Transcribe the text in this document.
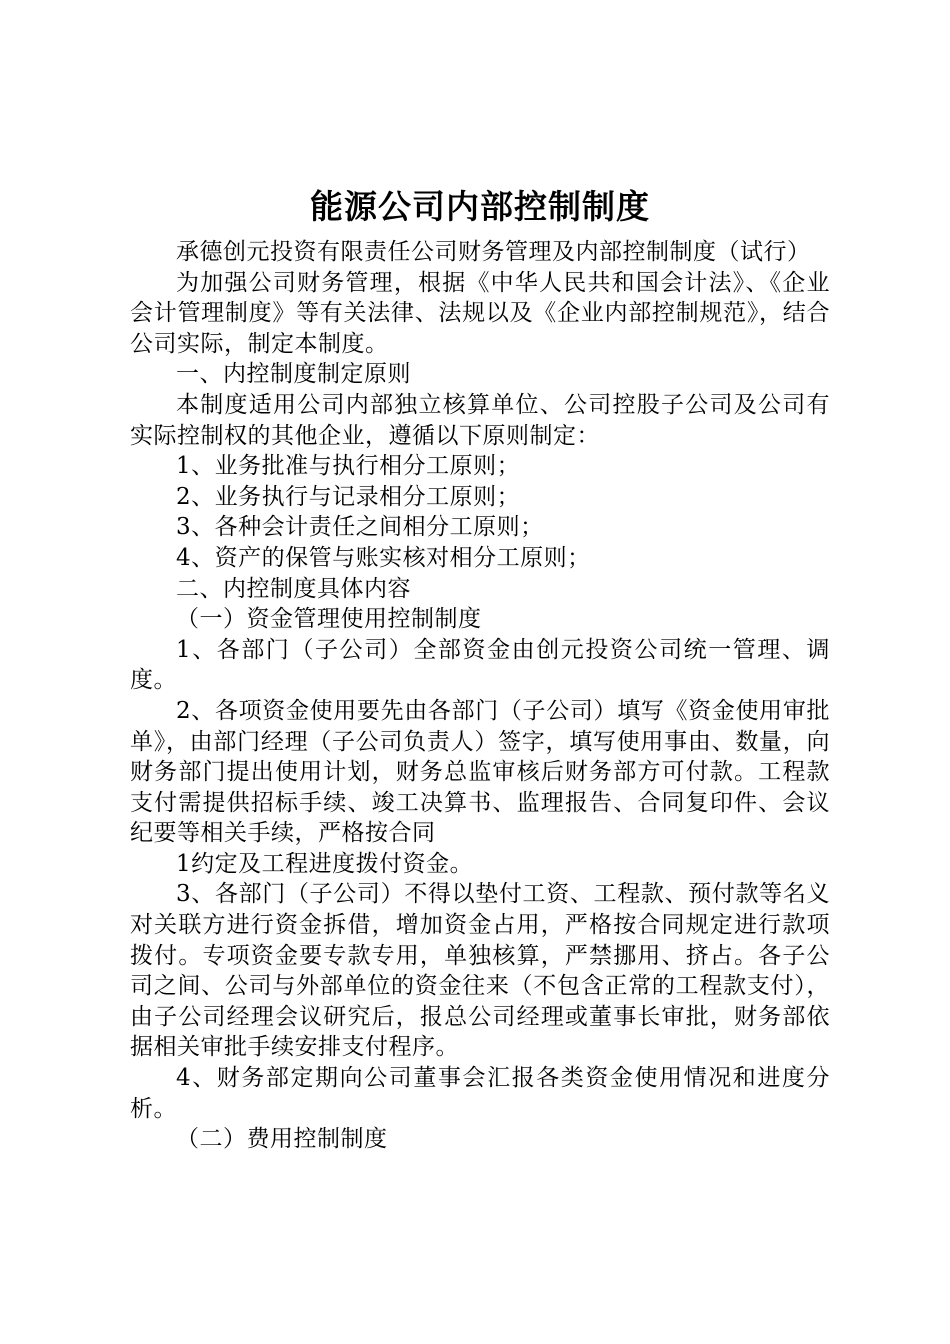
能源公司内部控制制度

承德创元投资有限责任公司财务管理及内部控制制度（试行）

为加强公司财务管理，根据《中华人民共和国会计法》、《企业会计管理制度》等有关法律、法规以及《企业内部控制规范》，结合公司实际，制定本制度。

一、内控制度制定原则

本制度适用公司内部独立核算单位、公司控股子公司及公司有实际控制权的其他企业，遵循以下原则制定：

1、业务批准与执行相分工原则；

2、业务执行与记录相分工原则；

3、各种会计责任之间相分工原则；

4、资产的保管与账实核对相分工原则；

二、内控制度具体内容

（一）资金管理使用控制制度

1、各部门（子公司）全部资金由创元投资公司统一管理、调度。

2、各项资金使用要先由各部门（子公司）填写《资金使用审批单》，由部门经理（子公司负责人）签字，填写使用事由、数量，向财务部门提出使用计划，财务总监审核后财务部方可付款。工程款支付需提供招标手续、竣工决算书、监理报告、合同复印件、会议纪要等相关手续，严格按合同

1约定及工程进度拨付资金。

3、各部门（子公司）不得以垫付工资、工程款、预付款等名义对关联方进行资金拆借，增加资金占用，严格按合同规定进行款项拨付。专项资金要专款专用，单独核算，严禁挪用、挤占。各子公司之间、公司与外部单位的资金往来（不包含正常的工程款支付），由子公司经理会议研究后，报总公司经理或董事长审批，财务部依据相关审批手续安排支付程序。

4、财务部定期向公司董事会汇报各类资金使用情况和进度分析。

（二）费用控制制度
